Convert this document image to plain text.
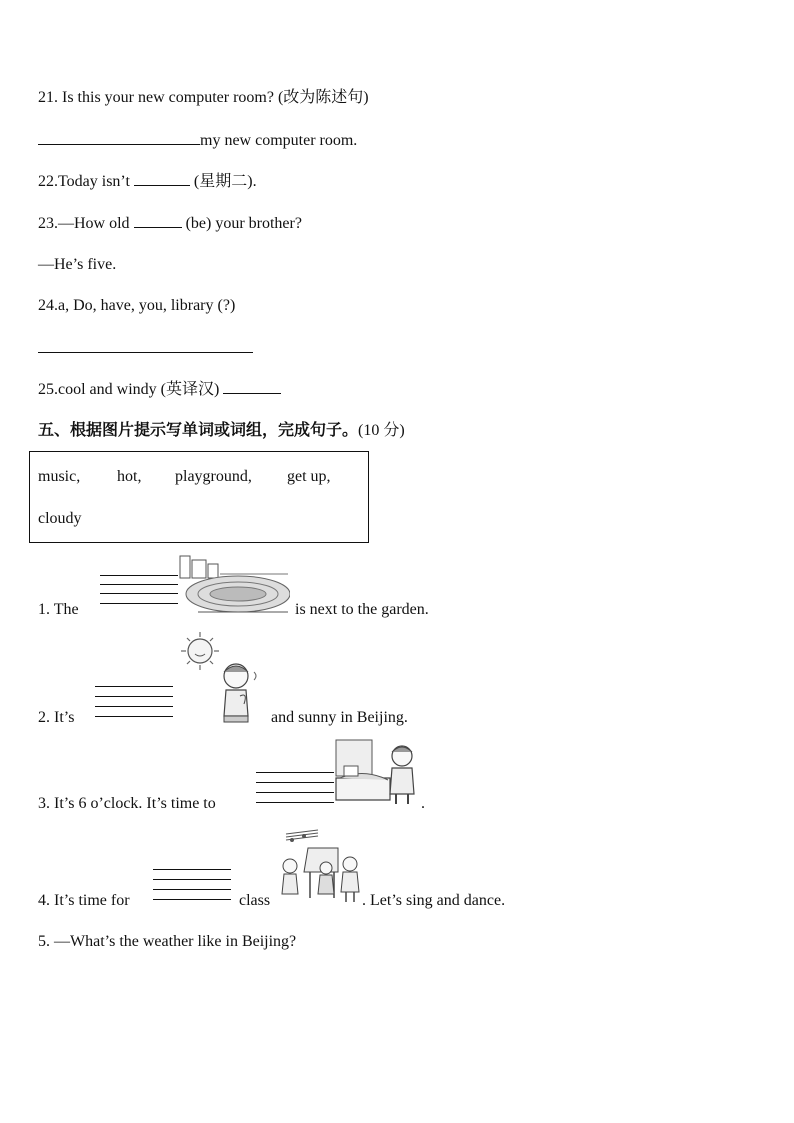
21. Is this your new computer room? (改为陈述句)
my new computer room.
22.Today isn’t	(星期二).
23.—How old	(be) your brother?
—He’s five.
24.a, Do, have, you, library (?)
25.cool and windy (英译汉)
五、根据图片提示写单词或词组，完成句子。(10 分)
music, hot, playground, get up,
cloudy
1. The	is next to the garden.
2. It’s	and sunny in Beijing.
3. It’s 6 o’clock. It’s time to	.
4. It’s time for	class	. Let’s sing and dance.
5. —What’s the weather like in Beijing?
